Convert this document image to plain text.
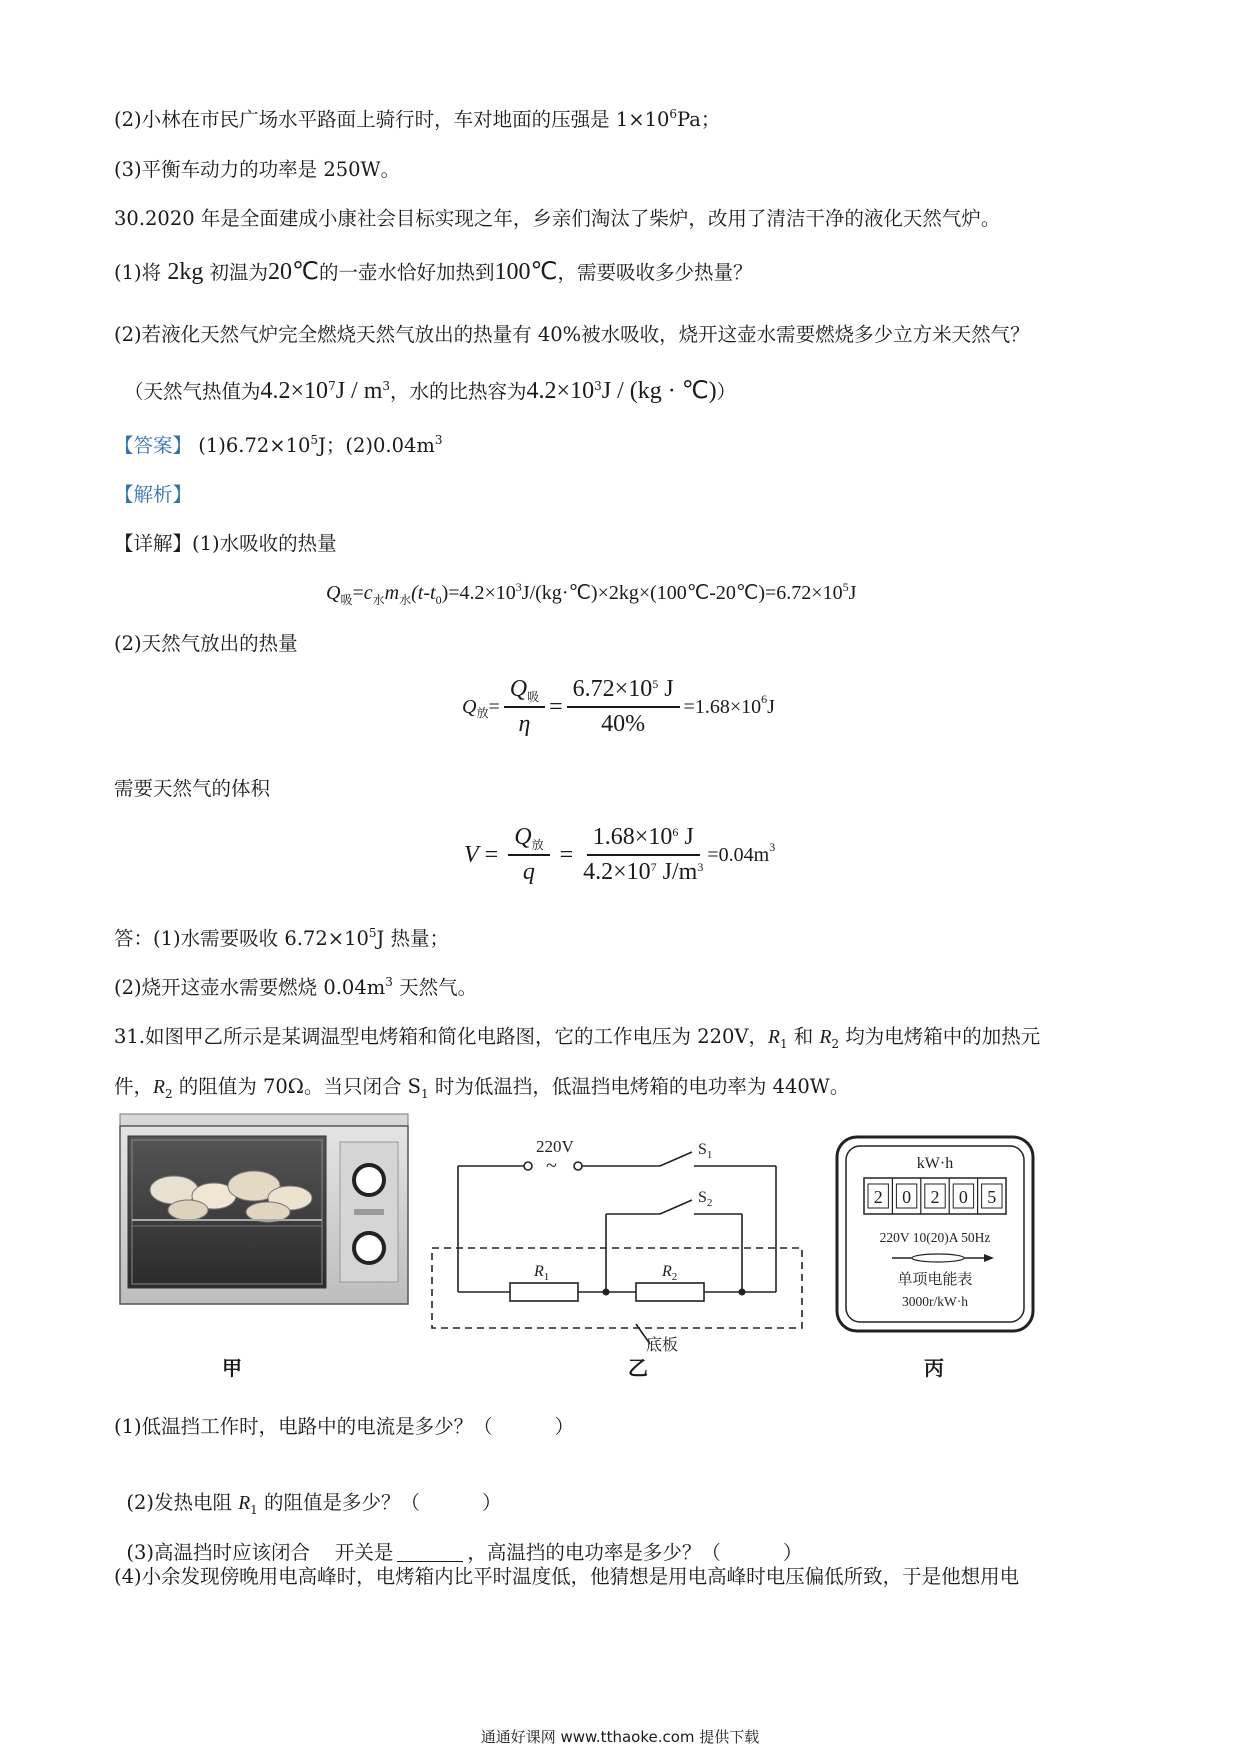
(2)小林在市民广场水平路面上骑行时，车对地面的压强是 $1\times 10^6Pa$；
(3)平衡车动力的功率是 250W。
30.2020 年是全面建成小康社会目标实现之年，乡亲们淘汰了柴炉，改用了清洁干净的液化天然气炉。
(1)将 2kg 初温为20℃的一壶水恰好加热到100℃，需要吸收多少热量？
(2)若液化天然气炉完全燃烧天然气放出的热量有 40%被水吸收，烧开这壶水需要燃烧多少立方米天然气？
（天然气热值为$4.2\times 10^7J / m^3$，水的比热容为$4.2\times 10^3J / (kg$ · ℃)）
【答案】 $(1)6.72\times 10^5J$；$(2)0.04m^3$
【解析】
【详解】(1)水吸收的热量
$Q_吸=c_水m_水(t-t_0)=4.2\times 10^3J/(kg\cdot℃)\times 2kg\times(100℃-20℃)=6.72\times 10^5J$
(2)天然气放出的热量
$Q_放 = \frac{Q_吸}{\eta} = \frac{6.72\times 10^5 J}{40\%} =1.68\times 10^6$ J
需要天然气的体积
$V = \frac{Q_放}{q} = \frac{1.68\times 10^6 J}{4.2\times 10^7 J/m^3} =0.04m^3$
答：(1)水需要吸收 $6.72\times 10^5J$ 热量；
(2)烧开这壶水需要燃烧 $0.04m^3$ 天然气。
31.如图甲乙所示是某调温型电烤箱和简化电路图，它的工作电压为 220V，$R_1$ 和 $R_2$ 均为电烤箱中的加热元
件，$R_2$ 的阻值为 70Ω。当只闭合 $S_1$ 时为低温挡，低温挡电烤箱的电功率为 440W。
220V
~
$S_1$
$S_2$
$R_1$	$R_2$
底板
kW·h
2 0 2 0 5
220V 10(20)A 50Hz
单项电能表
3000r/kW·h
甲	乙	丙
(1)低温挡工作时，电路中的电流是多少？（          ）

(2)发热电阻 $R_1$ 的阻值是多少？（          ）

(3)高温挡时应该闭合    开关是	，高温挡的电功率是多少？（          ）

(4)小余发现傍晚用电高峰时，电烤箱内比平时温度低，他猜想是用电高峰时电压偏低所致，于是他想用电
通通好课网 www.tthaoke.com 提供下载
